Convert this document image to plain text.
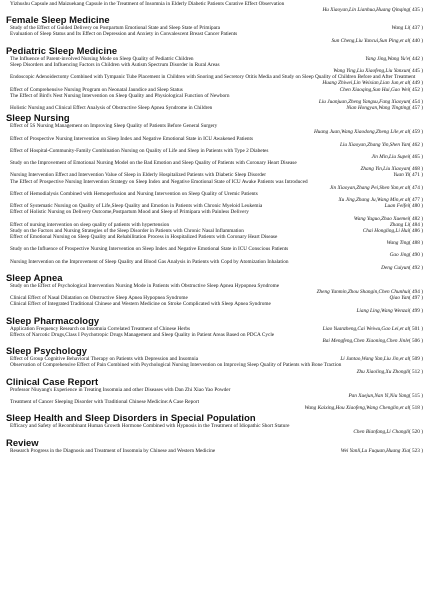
Yizhushu Capsule and Maizuekang Capsule in the Treatment of Insomnia in Elderly Diabetic Patients Curative Effect Observation
Hu Xiaoyan,Lin Lianhua,Huang Qinqing( 435 )
Female Sleep Medicine
Study of the Effect of Guided Delivery on Postpartum Emotional State and Sleep State of Primipara	Wang Li( 437 )
Evaluation of Sleep Status and Its Effect on Depression and Anxiety in Convalescent Breast Cancer Patients
Sun Cheng,Liu Yancui,Sun Ping,et al( 440 )
Pediatric Sleep Medicine
The Influence of Parent-involved Nursing Mode on Sleep Quality of Pediatric Children	Yang Jing,Wang Yu'e( 442 )
Sleep Disorders and Influencing Factors in Children with Autism Spectrum Disorder in Rural Areas
Wang Ying,Liu Xiaofeng,Liu Yanxun( 445 )
Endoscopic Adenoidectomy Combined with Tympanic Tube Placement in Children with Snoring and Secretory Otitis Media and Study on Sleep Quality of Children Before and After Treatment
Huang Zhiwei,Lin Weixian,Lian Jun,et al( 449 )
Effect of Comprehensive Nursing Program on Neonatal Jaundice and Sleep Status	Chen Xiaoqing,Sun Hui,Gao Wei( 452 )
The Effect of Bird's Nest Nursing Intervention on Sleep Quality and Physiological Function of Newborn
Liu Juanjuan,Zheng Yangxu,Fang Xiaoyun( 454 )
Holistic Nursing and Clinical Effect Analysis of Obstructive Sleep Apnea Syndrome in Children	Nian Hongyan,Wang Tingting( 457 )
Sleep Nursing
Effect of 5S Nursing Management on Improving Sleep Quality of Patients Before General Surgery
Huang Juan,Wang Xiaodong,Zheng Lile,et al( 459 )
Effect of Prospective Nursing Intervention on Sleep Index and Negative Emotional State in ICU Awakened Patients
Liu Xiaoyan,Zhang Yin,Shen Yan( 462 )
Effect of Hospital-Community-Family Combination Nursing on Quality of Life and Sleep in Patients with Type 2 Diabetes
Jin Min,Liu Supei( 465 )
Study on the Improvement of Emotional Nursing Model on the Bad Emotion and Sleep Quality of Patients with Coronary Heart Disease
Zhang Yin,Liu Xiaoyan( 468 )
Nursing Intervention Effect and Intervention Value of Sleep in Elderly Hospitalized Patients with Diabetic Sleep Disorder	Yuan Yi( 471 )
The Effect of Prospective Nursing Intervention Strategy on Sleep Index and Negative Emotional State of ICU Awake Patients was Introduced
Jin Xiaoyan,Zhang Pei,Shen Yan,et al( 474 )
Effect of Hemodialysis Combined with Hemoperfusion and Nursing Intervention on Sleep Quality of Uremic Patients
Xu Jing,Zhang Ju,Wang Min,et al( 477 )
Effect of Systematic Nursing on Quality of Life,Sleep Quality and Emotion in Patients with Chronic Myeloid Leukemia	Luan Feifei( 480 )
Effect of Holistic Nursing on Delivery Outcome,Postpartum Mood and Sleep of Primipara with Painless Delivery
Wang Yaguo,Zhao Xuemei( 482 )
Effect of nursing intervention on sleep quality of patients with hypertension	Zhang Li( 484 )
Study on the Factors and Nursing Strategies of the Sleep Disorder in Patients with Chronic Nasal Inflammation	Chai Hongling,Li Hui( 486 )
Effect of Emotional Nursing on Sleep Quality and Rehabilitation Process in Hospitalized Patients with Coronary Heart Disease
Wang Ting( 488 )
Study on the Influence of Prospective Nursing Intervention on Sleep Index and Negative Emotional State in ICU Conscious Patients
Gao Jing( 490 )
Nursing Intervention on the Improvement of Sleep Quality and Blood Gas Analysis in Patients with Copd by Atomization Inhalation
Deng Cuiyun( 492 )
Sleep Apnea
Study on the Effect of Psychological Intervention Nursing Mode in Patients with Obstructive Sleep Apnea Hypopnea Syndrome
Zheng Yanmin,Zhou Shangin,Chen Chunhui( 494 )
Clinical Effect of Nasal Dilatation on Obstructive Sleep Apnea Hypopnea Syndrome	Qiao Yan( 497 )
Clinical Effect of Integrated Traditional Chinese and Western Medicine on Stroke Complicated with Sleep Apnea Syndrome
Liang Ling,Wang Wenzai( 499 )
Sleep Pharmacology
Application Frequency Research on Insomnia Correlated Treatment of Chinese Herbs	Liao Yuanzheng,Cai Weiwu,Gao Lei,et al( 501 )
Effects of Narcotic Drugs,Class I Psychotropic Drugs Management and Sleep Quality in Patient Areas Based on PDCA Cycle
Bai Mengfeng,Chen Xiaoning,Chen Jinle( 506 )
Sleep Psychology
Effect of Group Cognitive Behavioral Therapy on Patients with Depression and Insomnia	Li Juntao,Wang Yan,Liu Jin,et al( 509 )
Observation of Comprehensive Effect of Pain Combined with Psychological Nursing Intervention on Improving Sleep Quality of Patients with Bone Traction
Zhu Xiaoling,Xu Zhongli( 512 )
Clinical Case Report
Professor Niuyang's Experience in Treating Insomnia and other Diseases with Dan Zhi Xiao Yao Powder
Pan Xuejun,Nan Yi,Niu Yang( 515 )
Treatment of Cancer Sleeping Disorder with Traditional Chinese Medicine:A Case Report
Wang Kaixing,Hou Xiaofeng,Wang Chenglin,et al( 518 )
Sleep Health and Sleep Disorders in Special Population
Efficacy and Safety of Recombinant Human Growth Hormone Combined with Hypnosis in the Treatment of Idiopathic Short Stature
Chen Bianfang,Li Changli( 520 )
Review
Research Progress in the Diagnosis and Treatment of Insomnia by Chinese and Western Medicine	Wei Yanli,Lu Fuquan,Huang Xia( 523 )
